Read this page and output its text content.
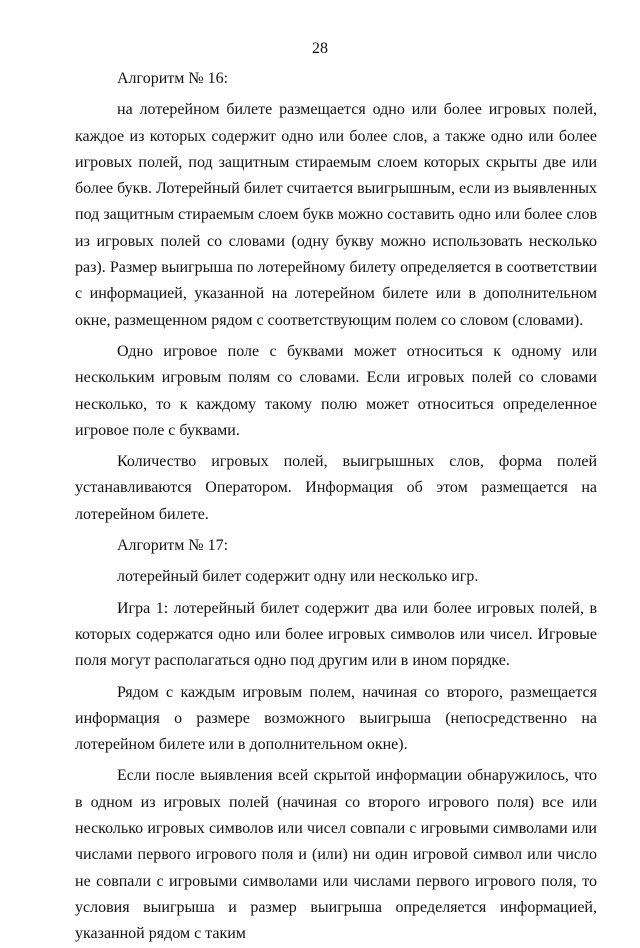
28

Алгоритм № 16:

на лотерейном билете размещается одно или более игровых полей, каждое из которых содержит одно или более слов, а также одно или более игровых полей, под защитным стираемым слоем которых скрыты две или более букв. Лотерейный билет считается выигрышным, если из выявленных под защитным стираемым слоем букв можно составить одно или более слов из игровых полей со словами (одну букву можно использовать несколько раз). Размер выигрыша по лотерейному билету определяется в соответствии с информацией, указанной на лотерейном билете или в дополнительном окне, размещенном рядом с соответствующим полем со словом (словами).

Одно игровое поле с буквами может относиться к одному или нескольким игровым полям со словами. Если игровых полей со словами несколько, то к каждому такому полю может относиться определенное игровое поле с буквами.

Количество игровых полей, выигрышных слов, форма полей устанавливаются Оператором. Информация об этом размещается на лотерейном билете.

Алгоритм № 17:

лотерейный билет содержит одну или несколько игр.

Игра 1: лотерейный билет содержит два или более игровых полей, в которых содержатся одно или более игровых символов или чисел. Игровые поля могут располагаться одно под другим или в ином порядке.

Рядом с каждым игровым полем, начиная со второго, размещается информация о размере возможного выигрыша (непосредственно на лотерейном билете или в дополнительном окне).

Если после выявления всей скрытой информации обнаружилось, что в одном из игровых полей (начиная со второго игрового поля) все или несколько игровых символов или чисел совпали с игровыми символами или числами первого игрового поля и (или) ни один игровой символ или число не совпали с игровыми символами или числами первого игрового поля, то условия выигрыша и размер выигрыша определяется информацией, указанной рядом с таким
